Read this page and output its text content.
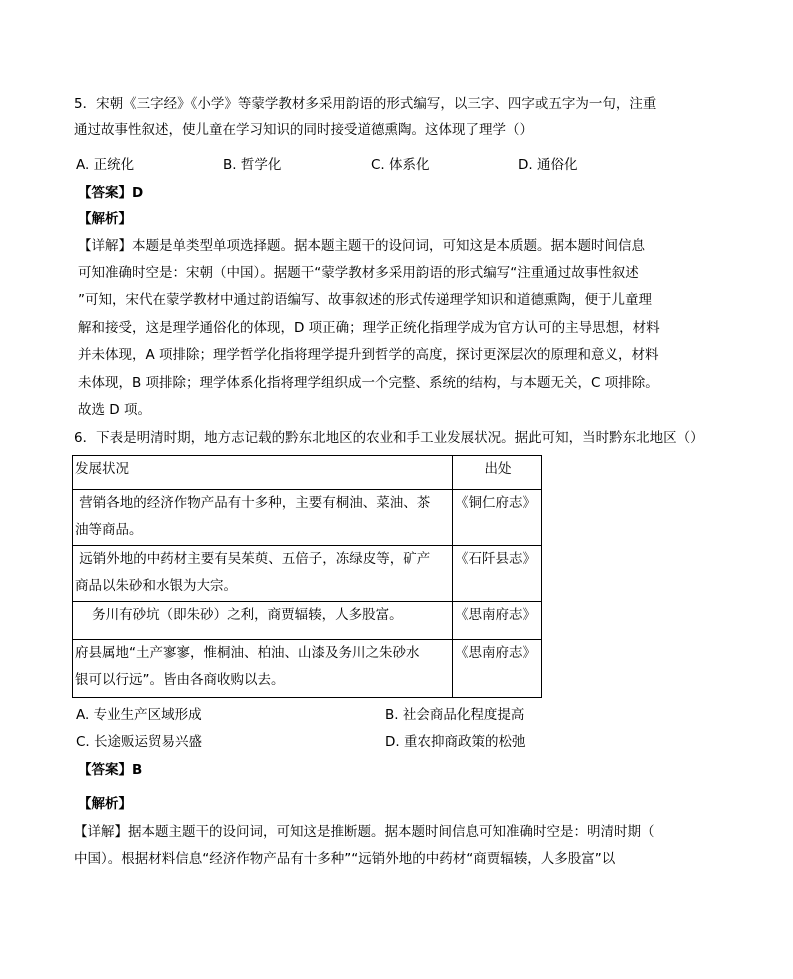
5．宋朝《三字经》《小学》等蒙学教材多采用韵语的形式编写，以三字、四字或五字为一句，注重
通过故事性叙述，使儿童在学习知识的同时接受道德熏陶。这体现了理学（）
A. 正统化	B. 哲学化	C. 体系化	D. 通俗化
【答案】D
【解析】
【详解】本题是单类型单项选择题。据本题主题干的设问词，可知这是本质题。据本题时间信息
可知准确时空是：宋朝（中国）。据题干“蒙学教材多采用韵语的形式编写“注重通过故事性叙述
”可知，宋代在蒙学教材中通过韵语编写、故事叙述的形式传递理学知识和道德熏陶，便于儿童理
解和接受，这是理学通俗化的体现，D 项正确；理学正统化指理学成为官方认可的主导思想，材料
并未体现，A 项排除；理学哲学化指将理学提升到哲学的高度，探讨更深层次的原理和意义，材料
未体现，B 项排除；理学体系化指将理学组织成一个完整、系统的结构，与本题无关，C 项排除。
故选 D 项。
6．下表是明清时期，地方志记载的黔东北地区的农业和手工业发展状况。据此可知，当时黔东北地区（）
发展状况	出处

营销各地的经济作物产品有十多种，主要有桐油、菜油、茶
油等商品。	《铜仁府志》

远销外地的中药材主要有吴茱萸、五倍子，冻绿皮等，矿产
商品以朱砂和水银为大宗。	《石阡县志》

务川有砂坑（即朱砂）之利，商贾辐辏，人多股富。	《思南府志》

府县属地“土产寥寥，惟桐油、柏油、山漆及务川之朱砂水
银可以行远”。皆由各商收购以去。	《思南府志》
A. 专业生产区域形成	B. 社会商品化程度提高
C. 长途贩运贸易兴盛	D. 重农抑商政策的松弛
【答案】B
【解析】
【详解】据本题主题干的设问词，可知这是推断题。据本题时间信息可知准确时空是：明清时期（
中国）。根据材料信息“经济作物产品有十多种”“远销外地的中药材“商贾辐辏，人多股富”以
